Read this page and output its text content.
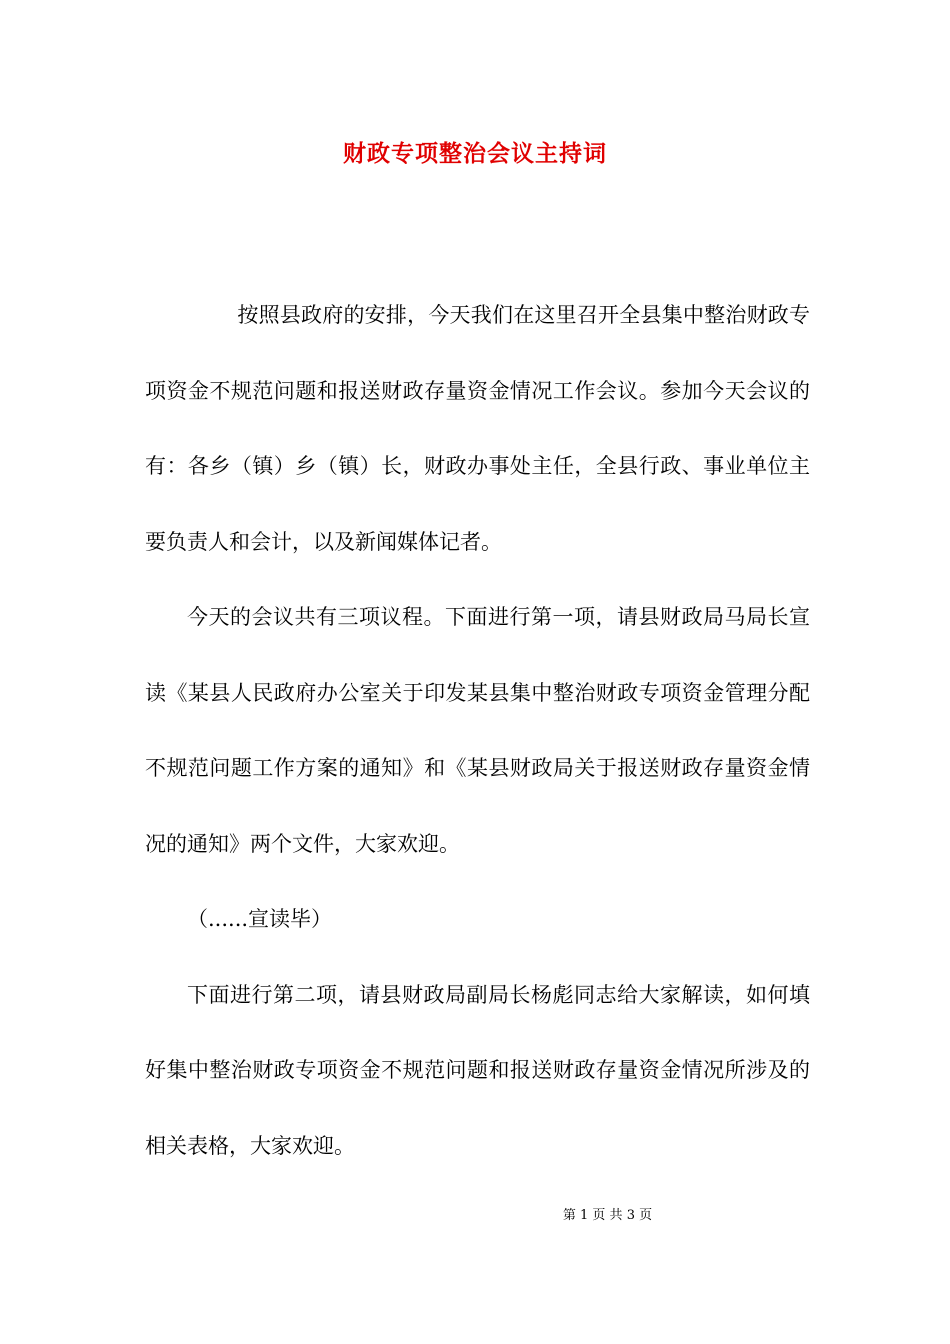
财政专项整治会议主持词

按照县政府的安排，今天我们在这里召开全县集中整治财政专项资金不规范问题和报送财政存量资金情况工作会议。参加今天会议的有：各乡（镇）乡（镇）长，财政办事处主任，全县行政、事业单位主要负责人和会计，以及新闻媒体记者。

今天的会议共有三项议程。下面进行第一项，请县财政局马局长宣读《某县人民政府办公室关于印发某县集中整治财政专项资金管理分配不规范问题工作方案的通知》和《某县财政局关于报送财政存量资金情况的通知》两个文件，大家欢迎。

（......宣读毕）

下面进行第二项，请县财政局副局长杨彪同志给大家解读，如何填好集中整治财政专项资金不规范问题和报送财政存量资金情况所涉及的相关表格，大家欢迎。

第 1 页 共 3 页
